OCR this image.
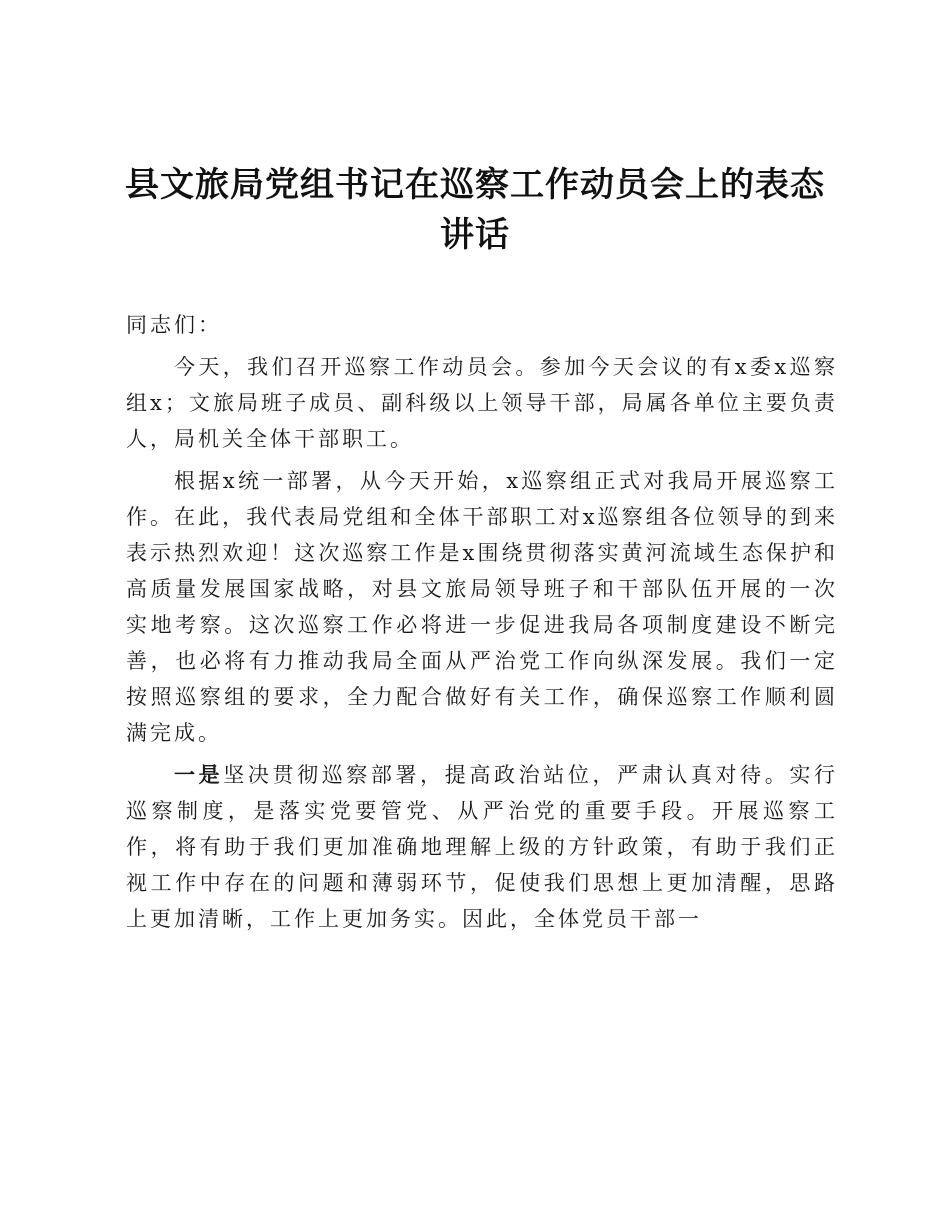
县文旅局党组书记在巡察工作动员会上的表态讲话

同志们：

今天，我们召开巡察工作动员会。参加今天会议的有x委x巡察组x；文旅局班子成员、副科级以上领导干部，局属各单位主要负责人，局机关全体干部职工。

根据x统一部署，从今天开始，x巡察组正式对我局开展巡察工作。在此，我代表局党组和全体干部职工对x巡察组各位领导的到来表示热烈欢迎！这次巡察工作是x围绕贯彻落实黄河流域生态保护和高质量发展国家战略，对县文旅局领导班子和干部队伍开展的一次实地考察。这次巡察工作必将进一步促进我局各项制度建设不断完善，也必将有力推动我局全面从严治党工作向纵深发展。我们一定按照巡察组的要求，全力配合做好有关工作，确保巡察工作顺利圆满完成。

一是坚决贯彻巡察部署，提高政治站位，严肃认真对待。实行巡察制度，是落实党要管党、从严治党的重要手段。开展巡察工作，将有助于我们更加准确地理解上级的方针政策，有助于我们正视工作中存在的问题和薄弱环节，促使我们思想上更加清醒，思路上更加清晰，工作上更加务实。因此，全体党员干部一
